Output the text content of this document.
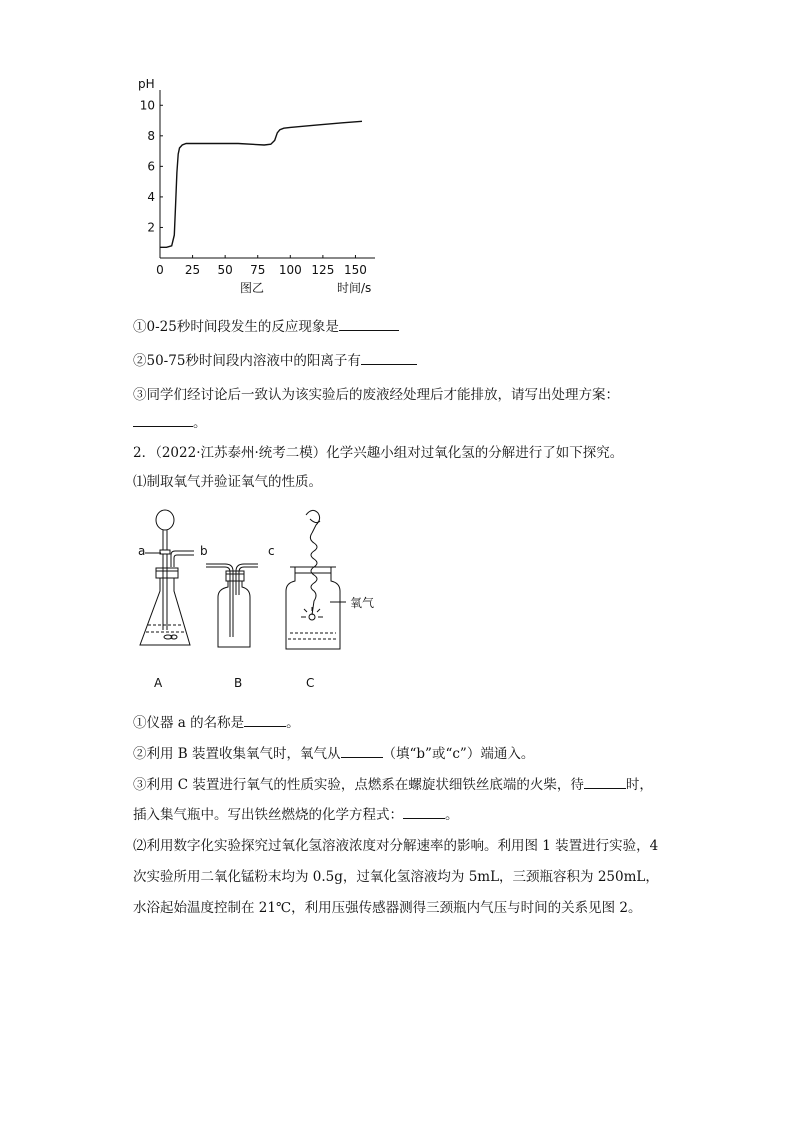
pH
2
4
6
8
10
0 25 50 75 100 125 150
图乙	时间/s
①0-25秒时间段发生的反应现象是
②50-75秒时间段内溶液中的阳离子有
③同学们经讨论后一致认为该实验后的废液经处理后才能排放，请写出处理方案：
。
2．（2022·江苏泰州·统考二模）化学兴趣小组对过氧化氢的分解进行了如下探究。
⑴制取氧气并验证氧气的性质。
a	b	c
氧气
A	B	C
①仪器 a 的名称是	。
②利用 B 装置收集氧气时，氧气从	（填“b”或“c”）端通入。
③利用 C 装置进行氧气的性质实验，点燃系在螺旋状细铁丝底端的火柴，待	时，
插入集气瓶中。写出铁丝燃烧的化学方程式：	。
⑵利用数字化实验探究过氧化氢溶液浓度对分解速率的影响。利用图 1 装置进行实验，4
次实验所用二氧化锰粉末均为 0.5g，过氧化氢溶液均为 5mL，三颈瓶容积为 250mL，
水浴起始温度控制在 21℃，利用压强传感器测得三颈瓶内气压与时间的关系见图 2。
